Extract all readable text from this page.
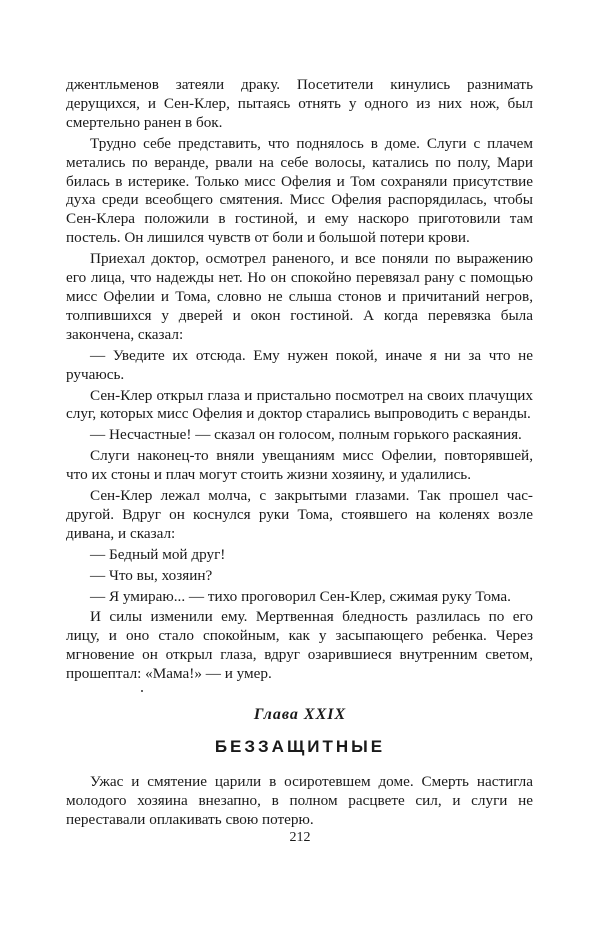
джентльменов затеяли драку. Посетители кинулись разнимать дерущихся, и Сен-Клер, пытаясь отнять у одного из них нож, был смертельно ранен в бок.

Трудно себе представить, что поднялось в доме. Слуги с плачем метались по веранде, рвали на себе волосы, катались по полу, Мари билась в истерике. Только мисс Офелия и Том сохраняли присутствие духа среди всеобщего смятения. Мисс Офелия распорядилась, чтобы Сен-Клера положили в гостиной, и ему наскоро приготовили там постель. Он лишился чувств от боли и большой потери крови.

Приехал доктор, осмотрел раненого, и все поняли по выражению его лица, что надежды нет. Но он спокойно перевязал рану с помощью мисс Офелии и Тома, словно не слыша стонов и причитаний негров, толпившихся у дверей и окон гостиной. А когда перевязка была закончена, сказал:

— Уведите их отсюда. Ему нужен покой, иначе я ни за что не ручаюсь.

Сен-Клер открыл глаза и пристально посмотрел на своих плачущих слуг, которых мисс Офелия и доктор старались выпроводить с веранды.

— Несчастные! — сказал он голосом, полным горького раскаяния.

Слуги наконец-то вняли увещаниям мисс Офелии, повторявшей, что их стоны и плач могут стоить жизни хозяину, и удалились.

Сен-Клер лежал молча, с закрытыми глазами. Так прошел час-другой. Вдруг он коснулся руки Тома, стоявшего на коленях возле дивана, и сказал:

— Бедный мой друг!

— Что вы, хозяин?

— Я умираю... — тихо проговорил Сен-Клер, сжимая руку Тома.

И силы изменили ему. Мертвенная бледность разлилась по его лицу, и оно стало спокойным, как у засыпающего ребенка. Через мгновение он открыл глаза, вдруг озарившиеся внутренним светом, прошептал: «Мама!» — и умер.

Глава XXIX
БЕЗЗАЩИТНЫЕ

Ужас и смятение царили в осиротевшем доме. Смерть настигла молодого хозяина внезапно, в полном расцвете сил, и слуги не переставали оплакивать свою потерю.

212
